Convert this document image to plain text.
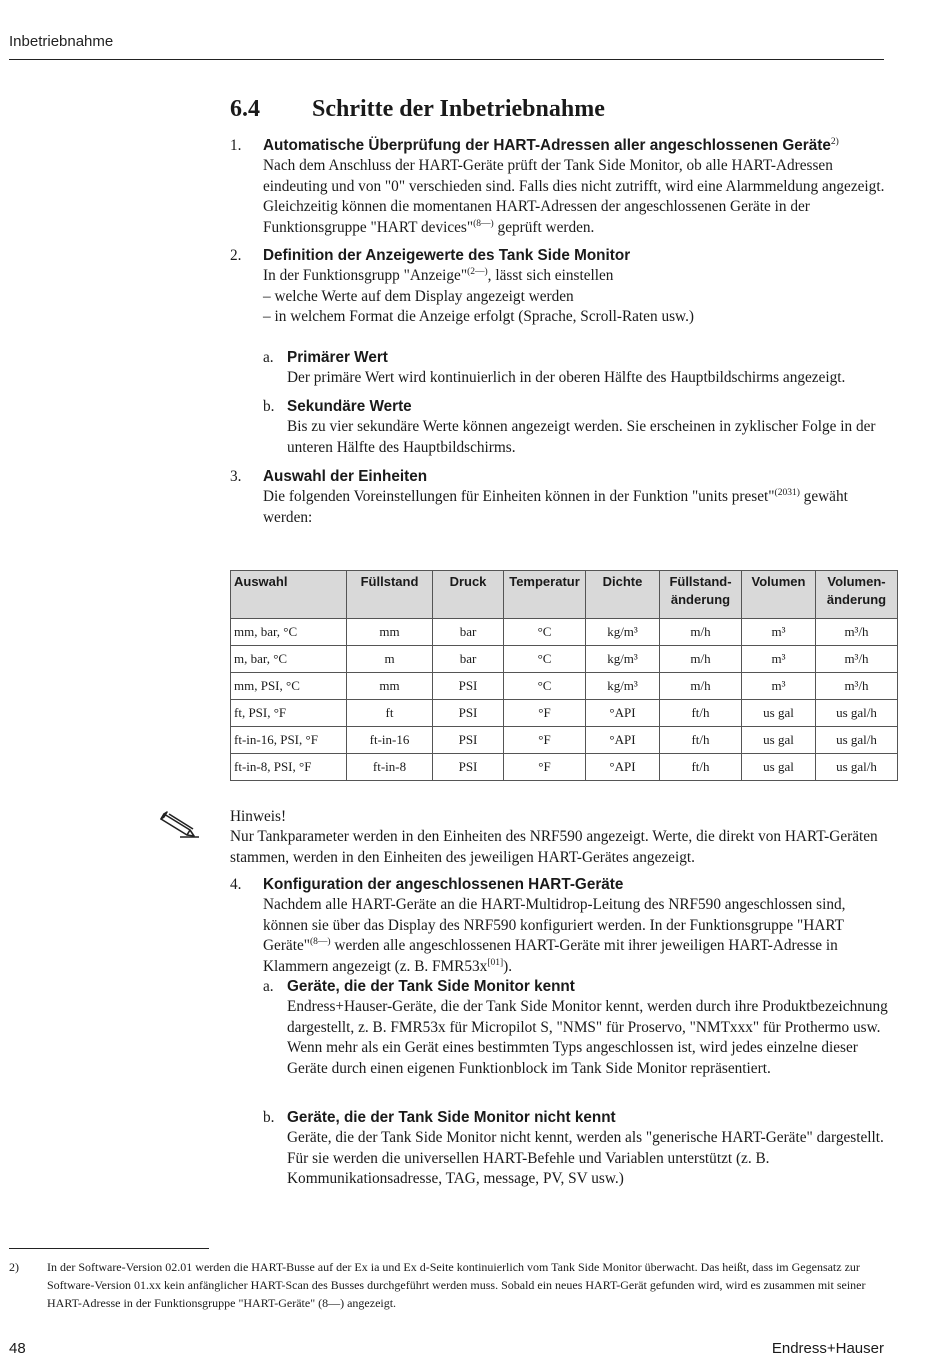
Inbetriebnahme
6.4 Schritte der Inbetriebnahme
1. Automatische Überprüfung der HART-Adressen aller angeschlossenen Geräte$^{2)}$
Nach dem Anschluss der HART-Geräte prüft der Tank Side Monitor, ob alle HART-Adressen eindeuting und von "0" verschieden sind. Falls dies nicht zutrifft, wird eine Alarmmeldung angezeigt. Gleichzeitig können die momentanen HART-Adressen der angeschlossenen Geräte in der Funktionsgruppe "HART devices"$^{(8—)}$ geprüft werden.
2. Definition der Anzeigewerte des Tank Side Monitor
In der Funktionsgrupp "Anzeige"$^{(2—)}$, lässt sich einstellen
– welche Werte auf dem Display angezeigt werden
– in welchem Format die Anzeige erfolgt (Sprache, Scroll-Raten usw.)
a. Primärer Wert
Der primäre Wert wird kontinuierlich in der oberen Hälfte des Hauptbildschirms angezeigt.
b. Sekundäre Werte
Bis zu vier sekundäre Werte können angezeigt werden. Sie erscheinen in zyklischer Folge in der unteren Hälfte des Hauptbildschirms.
3. Auswahl der Einheiten
Die folgenden Voreinstellungen für Einheiten können in der Funktion "units preset"$^{(2031)}$ gewäht werden:
Auswahl	Füllstand	Druck	Temperatur	Dichte	Füllstand-änderung	Volumen	Volumen-änderung
mm, bar, °C	mm	bar	°C	kg/m³	m/h	m³	m³/h
m, bar, °C	m	bar	°C	kg/m³	m/h	m³	m³/h
mm, PSI, °C	mm	PSI	°C	kg/m³	m/h	m³	m³/h
ft, PSI, °F	ft	PSI	°F	°API	ft/h	us gal	us gal/h
ft-in-16, PSI, °F	ft-in-16	PSI	°F	°API	ft/h	us gal	us gal/h
ft-in-8, PSI, °F	ft-in-8	PSI	°F	°API	ft/h	us gal	us gal/h
Hinweis!
Nur Tankparameter werden in den Einheiten des NRF590 angezeigt. Werte, die direkt von HART-Geräten stammen, werden in den Einheiten des jeweiligen HART-Gerätes angezeigt.
4. Konfiguration der angeschlossenen HART-Geräte
Nachdem alle HART-Geräte an die HART-Multidrop-Leitung des NRF590 angeschlossen sind, können sie über das Display des NRF590 konfiguriert werden. In der Funktionsgruppe "HART Geräte"$^{(8—)}$ werden alle angeschlossenen HART-Geräte mit ihrer jeweiligen HART-Adresse in Klammern angezeigt (z. B. FMR53x[01]).
a. Geräte, die der Tank Side Monitor kennt
Endress+Hauser-Geräte, die der Tank Side Monitor kennt, werden durch ihre Produktbezeichnung dargestellt, z. B. FMR53x für Micropilot S, "NMS" für Proservo, "NMTxxx" für Prothermo usw. Wenn mehr als ein Gerät eines bestimmten Typs angeschlossen ist, wird jedes einzelne dieser Geräte durch einen eigenen Funktionblock im Tank Side Monitor repräsentiert.
b. Geräte, die der Tank Side Monitor nicht kennt
Geräte, die der Tank Side Monitor nicht kennt, werden als "generische HART-Geräte" dargestellt. Für sie werden die universellen HART-Befehle und Variablen unterstützt (z. B. Kommunikationsadresse, TAG, message, PV, SV usw.)
2) In der Software-Version 02.01 werden die HART-Busse auf der Ex ia und Ex d-Seite kontinuierlich vom Tank Side Monitor überwacht. Das heißt, dass im Gegensatz zur Software-Version 01.xx kein anfänglicher HART-Scan des Busses durchgeführt werden muss. Sobald ein neues HART-Gerät gefunden wird, wird es zusammen mit seiner HART-Adresse in der Funktionsgruppe "HART-Geräte" (8—) angezeigt.
48	Endress+Hauser
